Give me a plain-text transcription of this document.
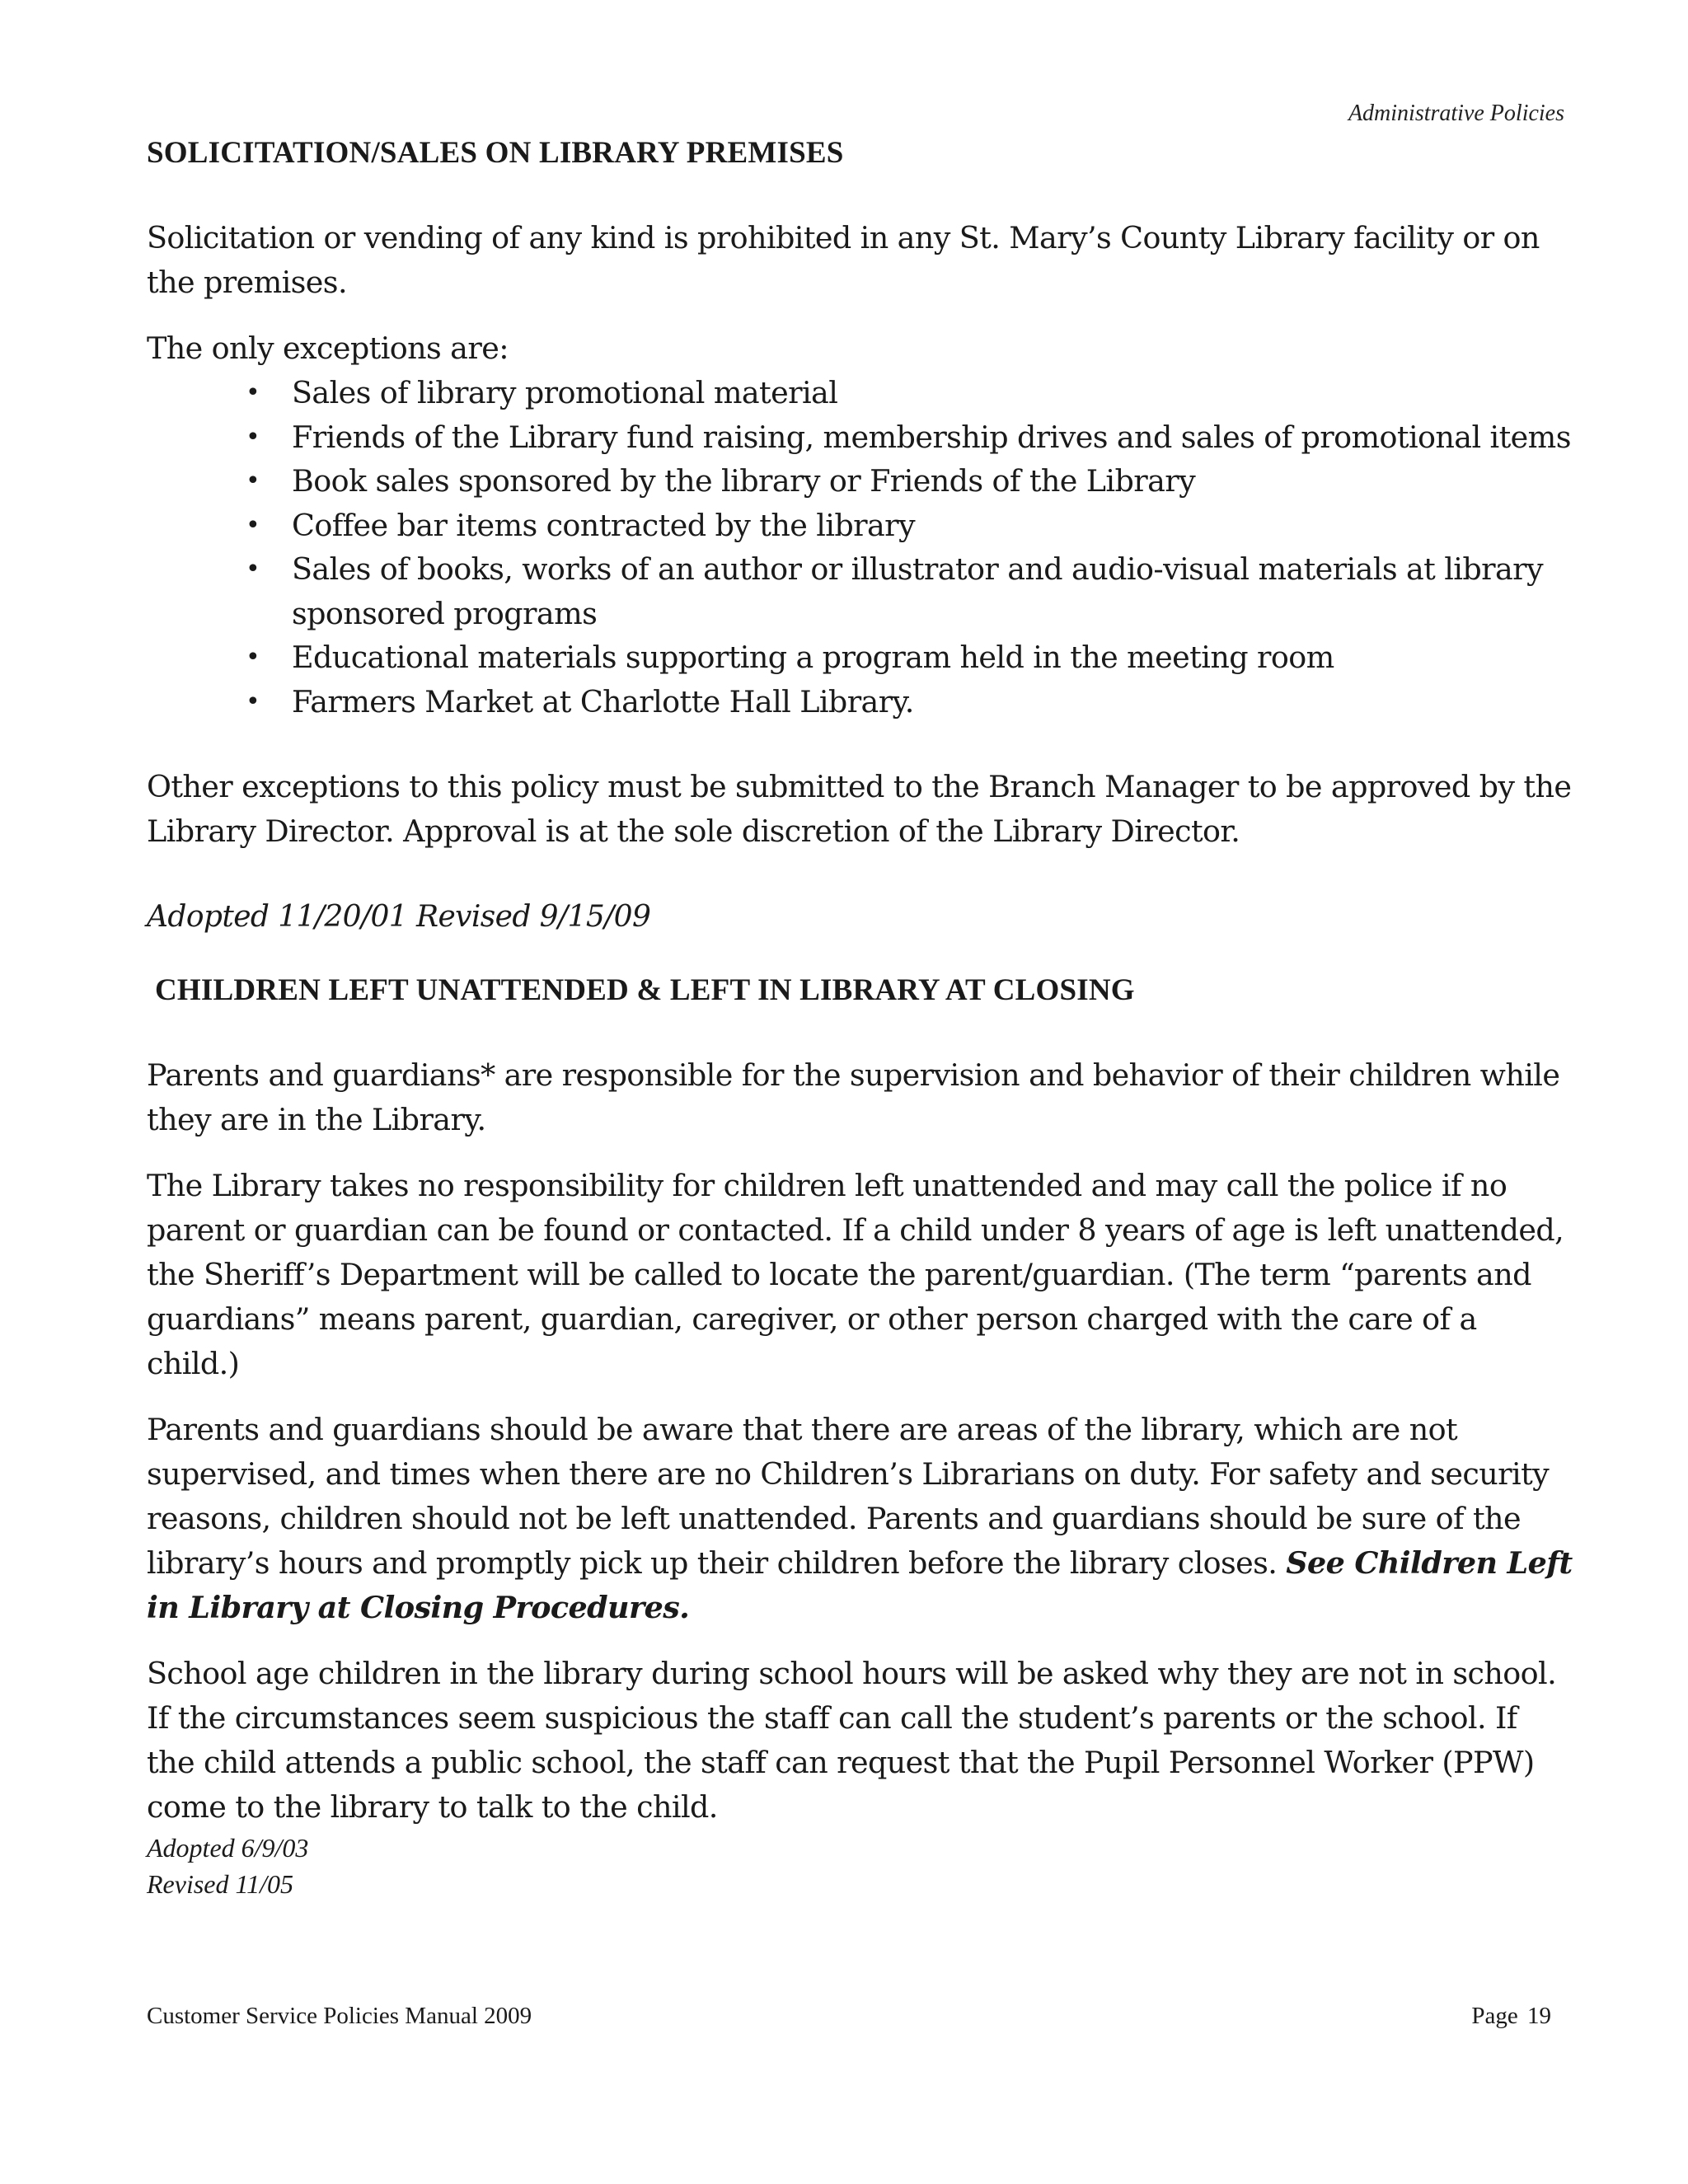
Administrative Policies
SOLICITATION/SALES ON LIBRARY PREMISES

Solicitation or vending of any kind is prohibited in any St. Mary’s County Library facility or on the premises.

The only exceptions are:

• Sales of library promotional material
• Friends of the Library fund raising, membership drives and sales of promotional items
• Book sales sponsored by the library or Friends of the Library
• Coffee bar items contracted by the library
• Sales of books, works of an author or illustrator and audio-visual materials at library sponsored programs
• Educational materials supporting a program held in the meeting room
• Farmers Market at Charlotte Hall Library.

Other exceptions to this policy must be submitted to the Branch Manager to be approved by the Library Director. Approval is at the sole discretion of the Library Director.

Adopted 11/20/01 Revised 9/15/09

CHILDREN LEFT UNATTENDED & LEFT IN LIBRARY AT CLOSING

Parents and guardians* are responsible for the supervision and behavior of their children while they are in the Library.

The Library takes no responsibility for children left unattended and may call the police if no parent or guardian can be found or contacted. If a child under 8 years of age is left unattended, the Sheriff’s Department will be called to locate the parent/guardian. (The term “parents and guardians” means parent, guardian, caregiver, or other person charged with the care of a child.)

Parents and guardians should be aware that there are areas of the library, which are not supervised, and times when there are no Children’s Librarians on duty. For safety and security reasons, children should not be left unattended. Parents and guardians should be sure of the library’s hours and promptly pick up their children before the library closes. See Children Left in Library at Closing Procedures.

School age children in the library during school hours will be asked why they are not in school. If the circumstances seem suspicious the staff can call the student’s parents or the school. If the child attends a public school, the staff can request that the Pupil Personnel Worker (PPW) come to the library to talk to the child.

Adopted 6/9/03
Revised 11/05
Customer Service Policies Manual 2009	Page 19
